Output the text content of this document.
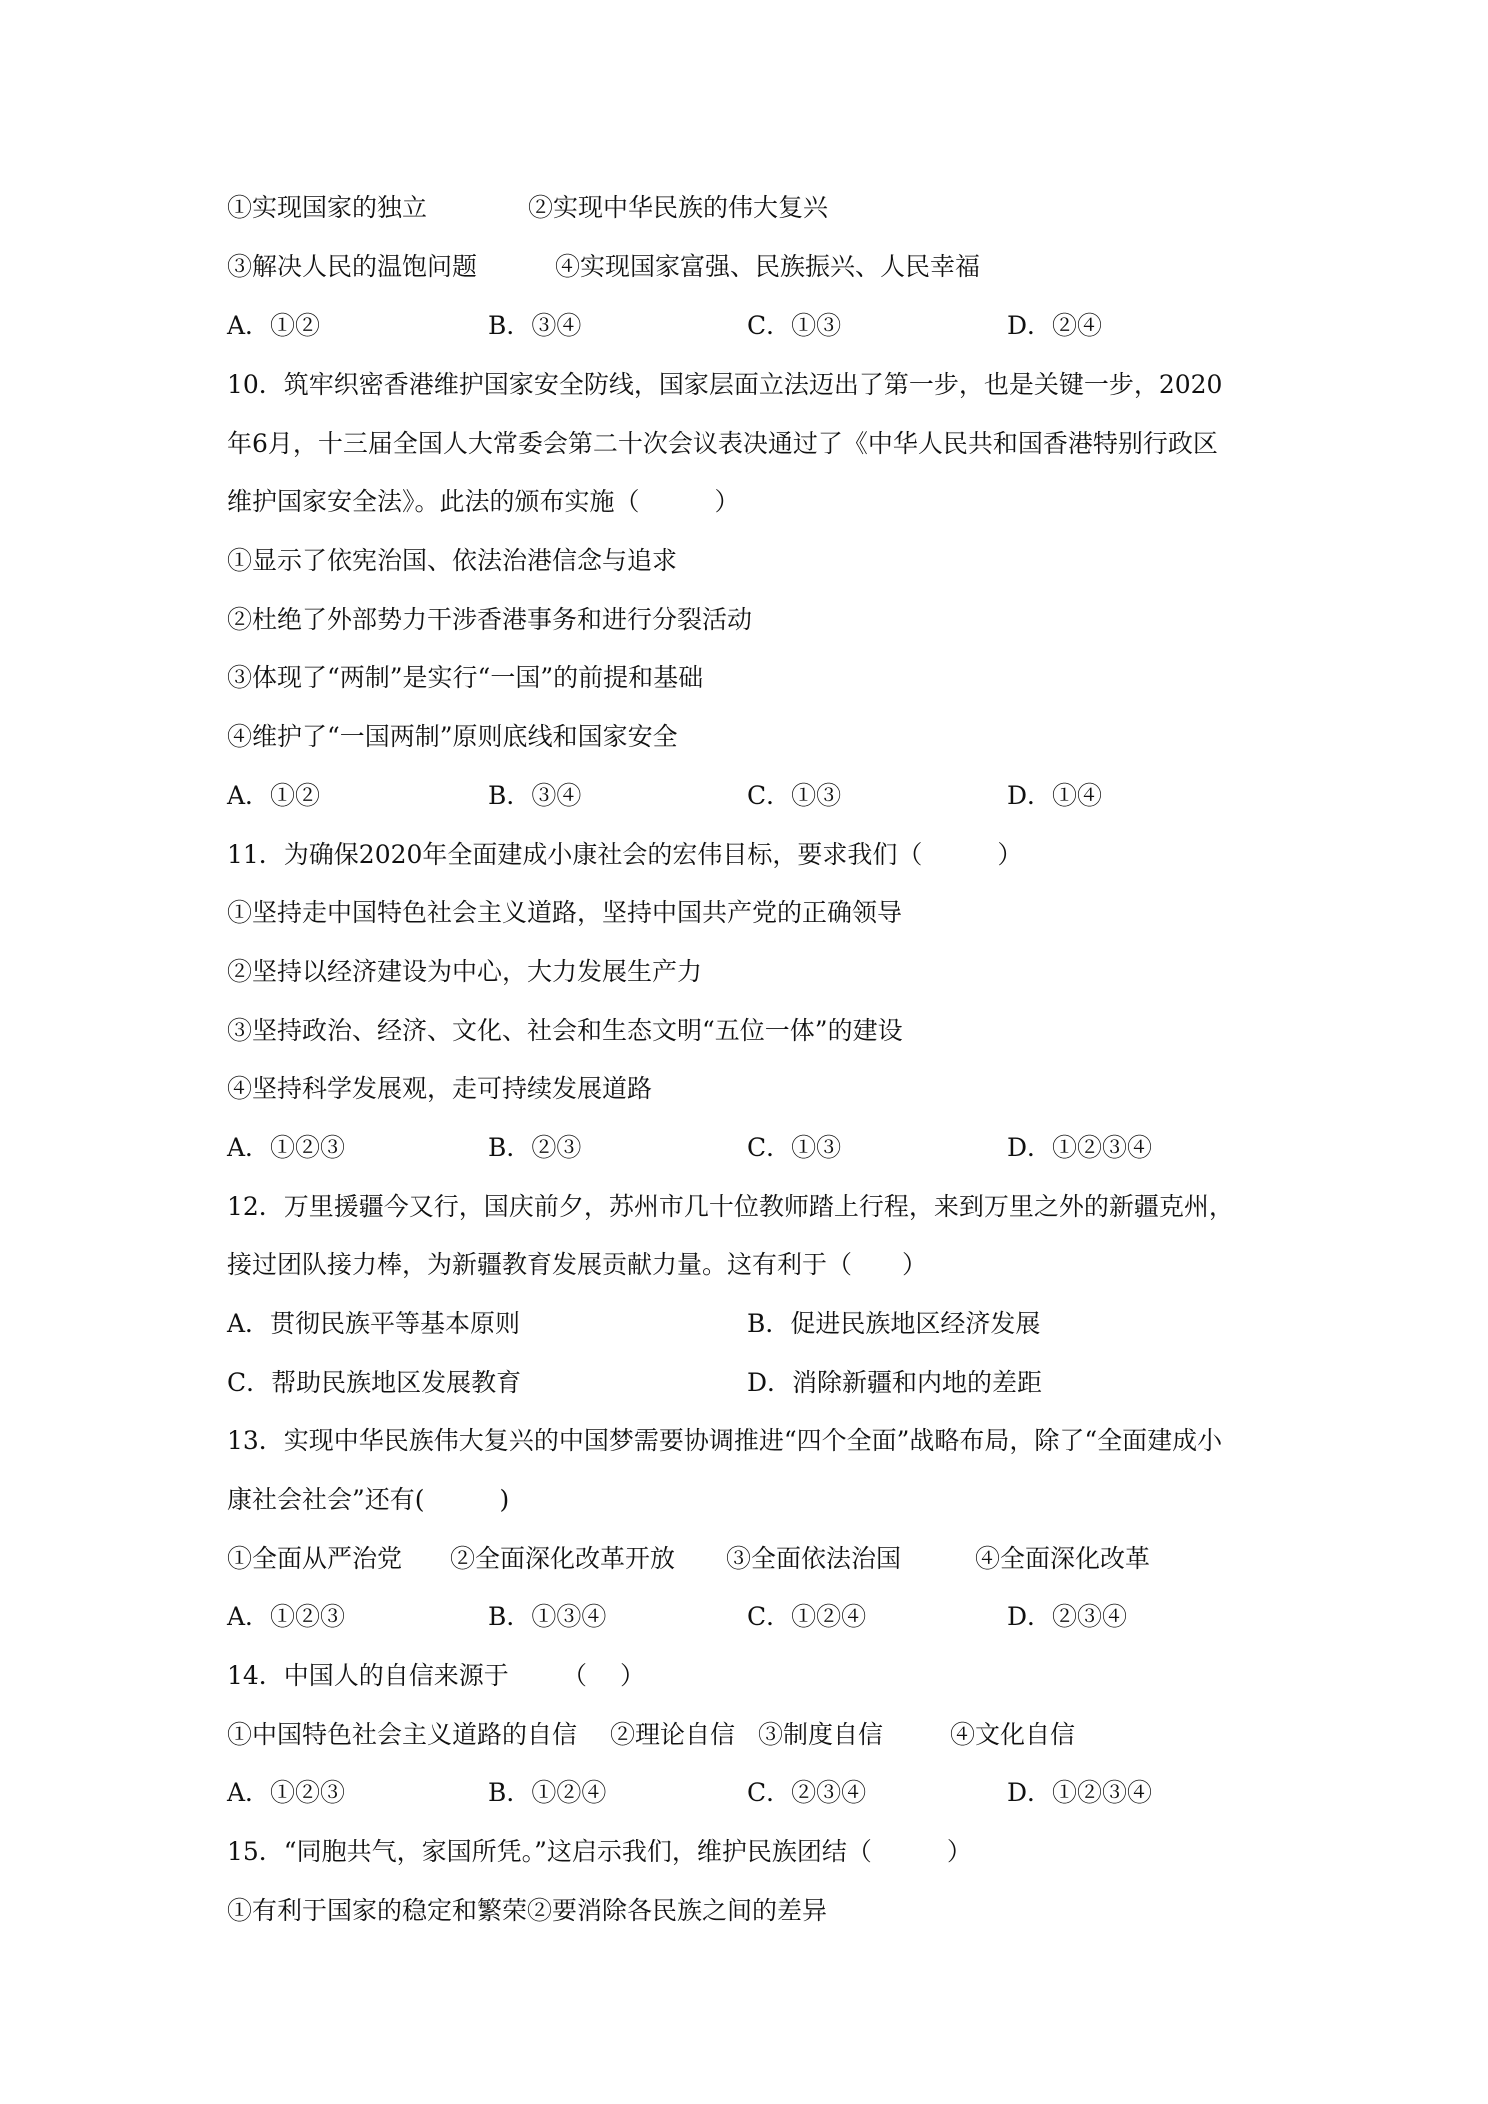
①实现国家的独立	②实现中华民族的伟大复兴
③解决人民的温饱问题	④实现国家富强、民族振兴、人民幸福
A．①②	B．③④	C．①③	D．②④
10．筑牢织密香港维护国家安全防线，国家层面立法迈出了第一步，也是关键一步，2020
年6月，十三届全国人大常委会第二十次会议表决通过了《中华人民共和国香港特别行政区
维护国家安全法》。此法的颁布实施（　　　）
①显示了依宪治国、依法治港信念与追求
②杜绝了外部势力干涉香港事务和进行分裂活动
③体现了“两制”是实行“一国”的前提和基础
④维护了“一国两制”原则底线和国家安全
A．①②	B．③④	C．①③	D．①④
11．为确保2020年全面建成小康社会的宏伟目标，要求我们（　　　）
①坚持走中国特色社会主义道路，坚持中国共产党的正确领导
②坚持以经济建设为中心，大力发展生产力
③坚持政治、经济、文化、社会和生态文明“五位一体”的建设
④坚持科学发展观，走可持续发展道路
A．①②③	B．②③	C．①③	D．①②③④
12．万里援疆今又行，国庆前夕，苏州市几十位教师踏上行程，来到万里之外的新疆克州，
接过团队接力棒，为新疆教育发展贡献力量。这有利于（　　）
A．贯彻民族平等基本原则	B．促进民族地区经济发展
C．帮助民族地区发展教育	D．消除新疆和内地的差距
13．实现中华民族伟大复兴的中国梦需要协调推进“四个全面”战略布局，除了“全面建成小
康社会社会”还有(　　　)
①全面从严治党 ②全面深化改革开放 ③全面依法治国	④全面深化改革
A．①②③	B．①③④	C．①②④	D．②③④
14．中国人的自信来源于 （　 ）
①中国特色社会主义道路的自信 ②理论自信 ③制度自信	④文化自信
A．①②③	B．①②④	C．②③④	D．①②③④
15．“同胞共气，家国所凭。”这启示我们，维护民族团结（　　　）
①有利于国家的稳定和繁荣②要消除各民族之间的差异
